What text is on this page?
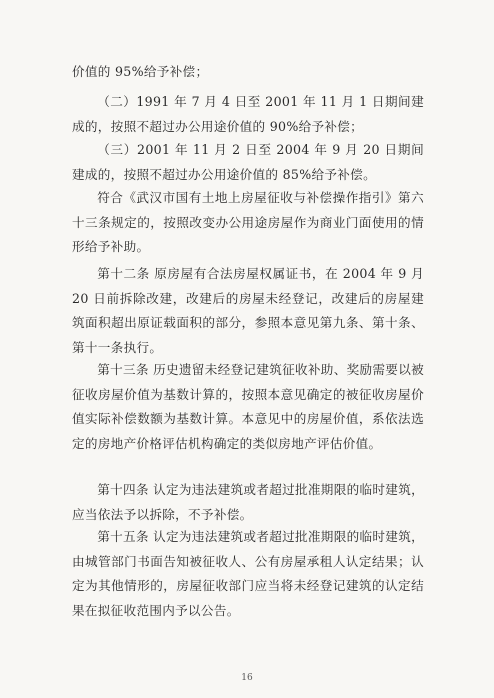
价值的 95%给予补偿；

（二）1991 年 7 月 4 日至 2001 年 11 月 1 日期间建成的，按照不超过办公用途价值的 90%给予补偿；

（三）2001 年 11 月 2 日至 2004 年 9 月 20 日期间建成的，按照不超过办公用途价值的 85%给予补偿。

符合《武汉市国有土地上房屋征收与补偿操作指引》第六十三条规定的，按照改变办公用途房屋作为商业门面使用的情形给予补助。

第十二条 原房屋有合法房屋权属证书，在 2004 年 9 月 20 日前拆除改建，改建后的房屋未经登记，改建后的房屋建筑面积超出原证载面积的部分，参照本意见第九条、第十条、第十一条执行。

第十三条 历史遗留未经登记建筑征收补助、奖励需要以被征收房屋价值为基数计算的，按照本意见确定的被征收房屋价值实际补偿数额为基数计算。本意见中的房屋价值，系依法选定的房地产价格评估机构确定的类似房地产评估价值。

第十四条 认定为违法建筑或者超过批准期限的临时建筑，应当依法予以拆除，不予补偿。

第十五条 认定为违法建筑或者超过批准期限的临时建筑，由城管部门书面告知被征收人、公有房屋承租人认定结果；认定为其他情形的，房屋征收部门应当将未经登记建筑的认定结果在拟征收范围内予以公告。

16
